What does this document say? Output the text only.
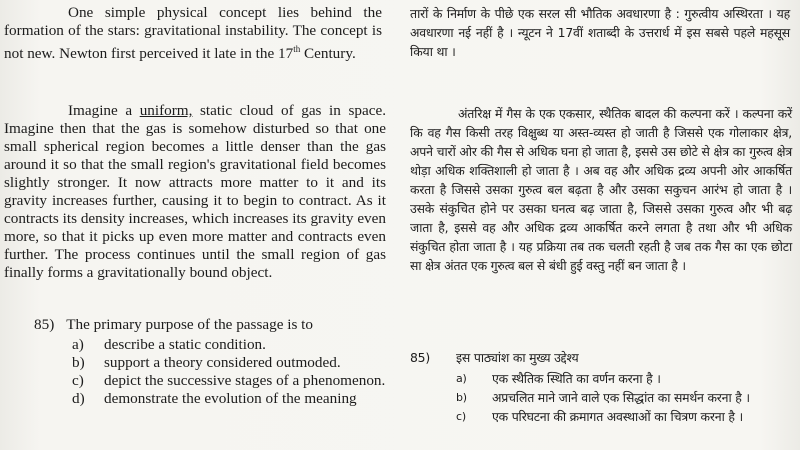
One simple physical concept lies behind the formation of the stars: gravitational instability. The concept is not new. Newton first perceived it late in the 17th Century.

Imagine a uniform, static cloud of gas in space. Imagine then that the gas is somehow disturbed so that one small spherical region becomes a little denser than the gas around it so that the small region's gravitational field becomes slightly stronger. It now attracts more matter to it and its gravity increases further, causing it to begin to contract. As it contracts its density increases, which increases its gravity even more, so that it picks up even more matter and contracts even further. The process continues until the small region of gas finally forms a gravitationally bound object.

85) The primary purpose of the passage is to
a)	describe a static condition.
b)	support a theory considered outmoded.
c)	depict the successive stages of a phenomenon.
d)	demonstrate the evolution of the meaning

तारों के निर्माण के पीछे एक सरल सी भौतिक अवधारणा है : गुरुत्वीय अस्थिरता । यह अवधारणा नई नहीं है । न्यूटन ने 17वीं शताब्दी के उत्तरार्ध में इस सबसे पहले महसूस किया था ।

अंतरिक्ष में गैस के एक एकसार, स्थैतिक बादल की कल्पना करें । कल्पना करें कि वह गैस किसी तरह विक्षुब्ध या अस्त-व्यस्त हो जाती है जिससे एक गोलाकार क्षेत्र, अपने चारों ओर की गैस से अधिक घना हो जाता है, इससे उस छोटे से क्षेत्र का गुरुत्व क्षेत्र थोड़ा अधिक शक्तिशाली हो जाता है । अब वह और अधिक द्रव्य अपनी ओर आकर्षित करता है जिससे उसका गुरुत्व बल बढ़ता है और उसका सकुचन आरंभ हो जाता है । उसके संकुचित होने पर उसका घनत्व बढ़ जाता है, जिससे उसका गुरुत्व और भी बढ़ जाता है, इससे वह और अधिक द्रव्य आकर्षित करने लगता है तथा और भी अधिक संकुचित होता जाता है । यह प्रक्रिया तब तक चलती रहती है जब तक गैस का एक छोटा सा क्षेत्र अंतत एक गुरुत्व बल से बंधी हुई वस्तु नहीं बन जाता है ।

85) इस पाठ्यांश का मुख्य उद्देश्य
a)	एक स्थैतिक स्थिति का वर्णन करना है ।
b)	अप्रचलित माने जाने वाले एक सिद्धांत का समर्थन करना है ।
c)	एक परिघटना की क्रमागत अवस्थाओं का चित्रण करना है ।
